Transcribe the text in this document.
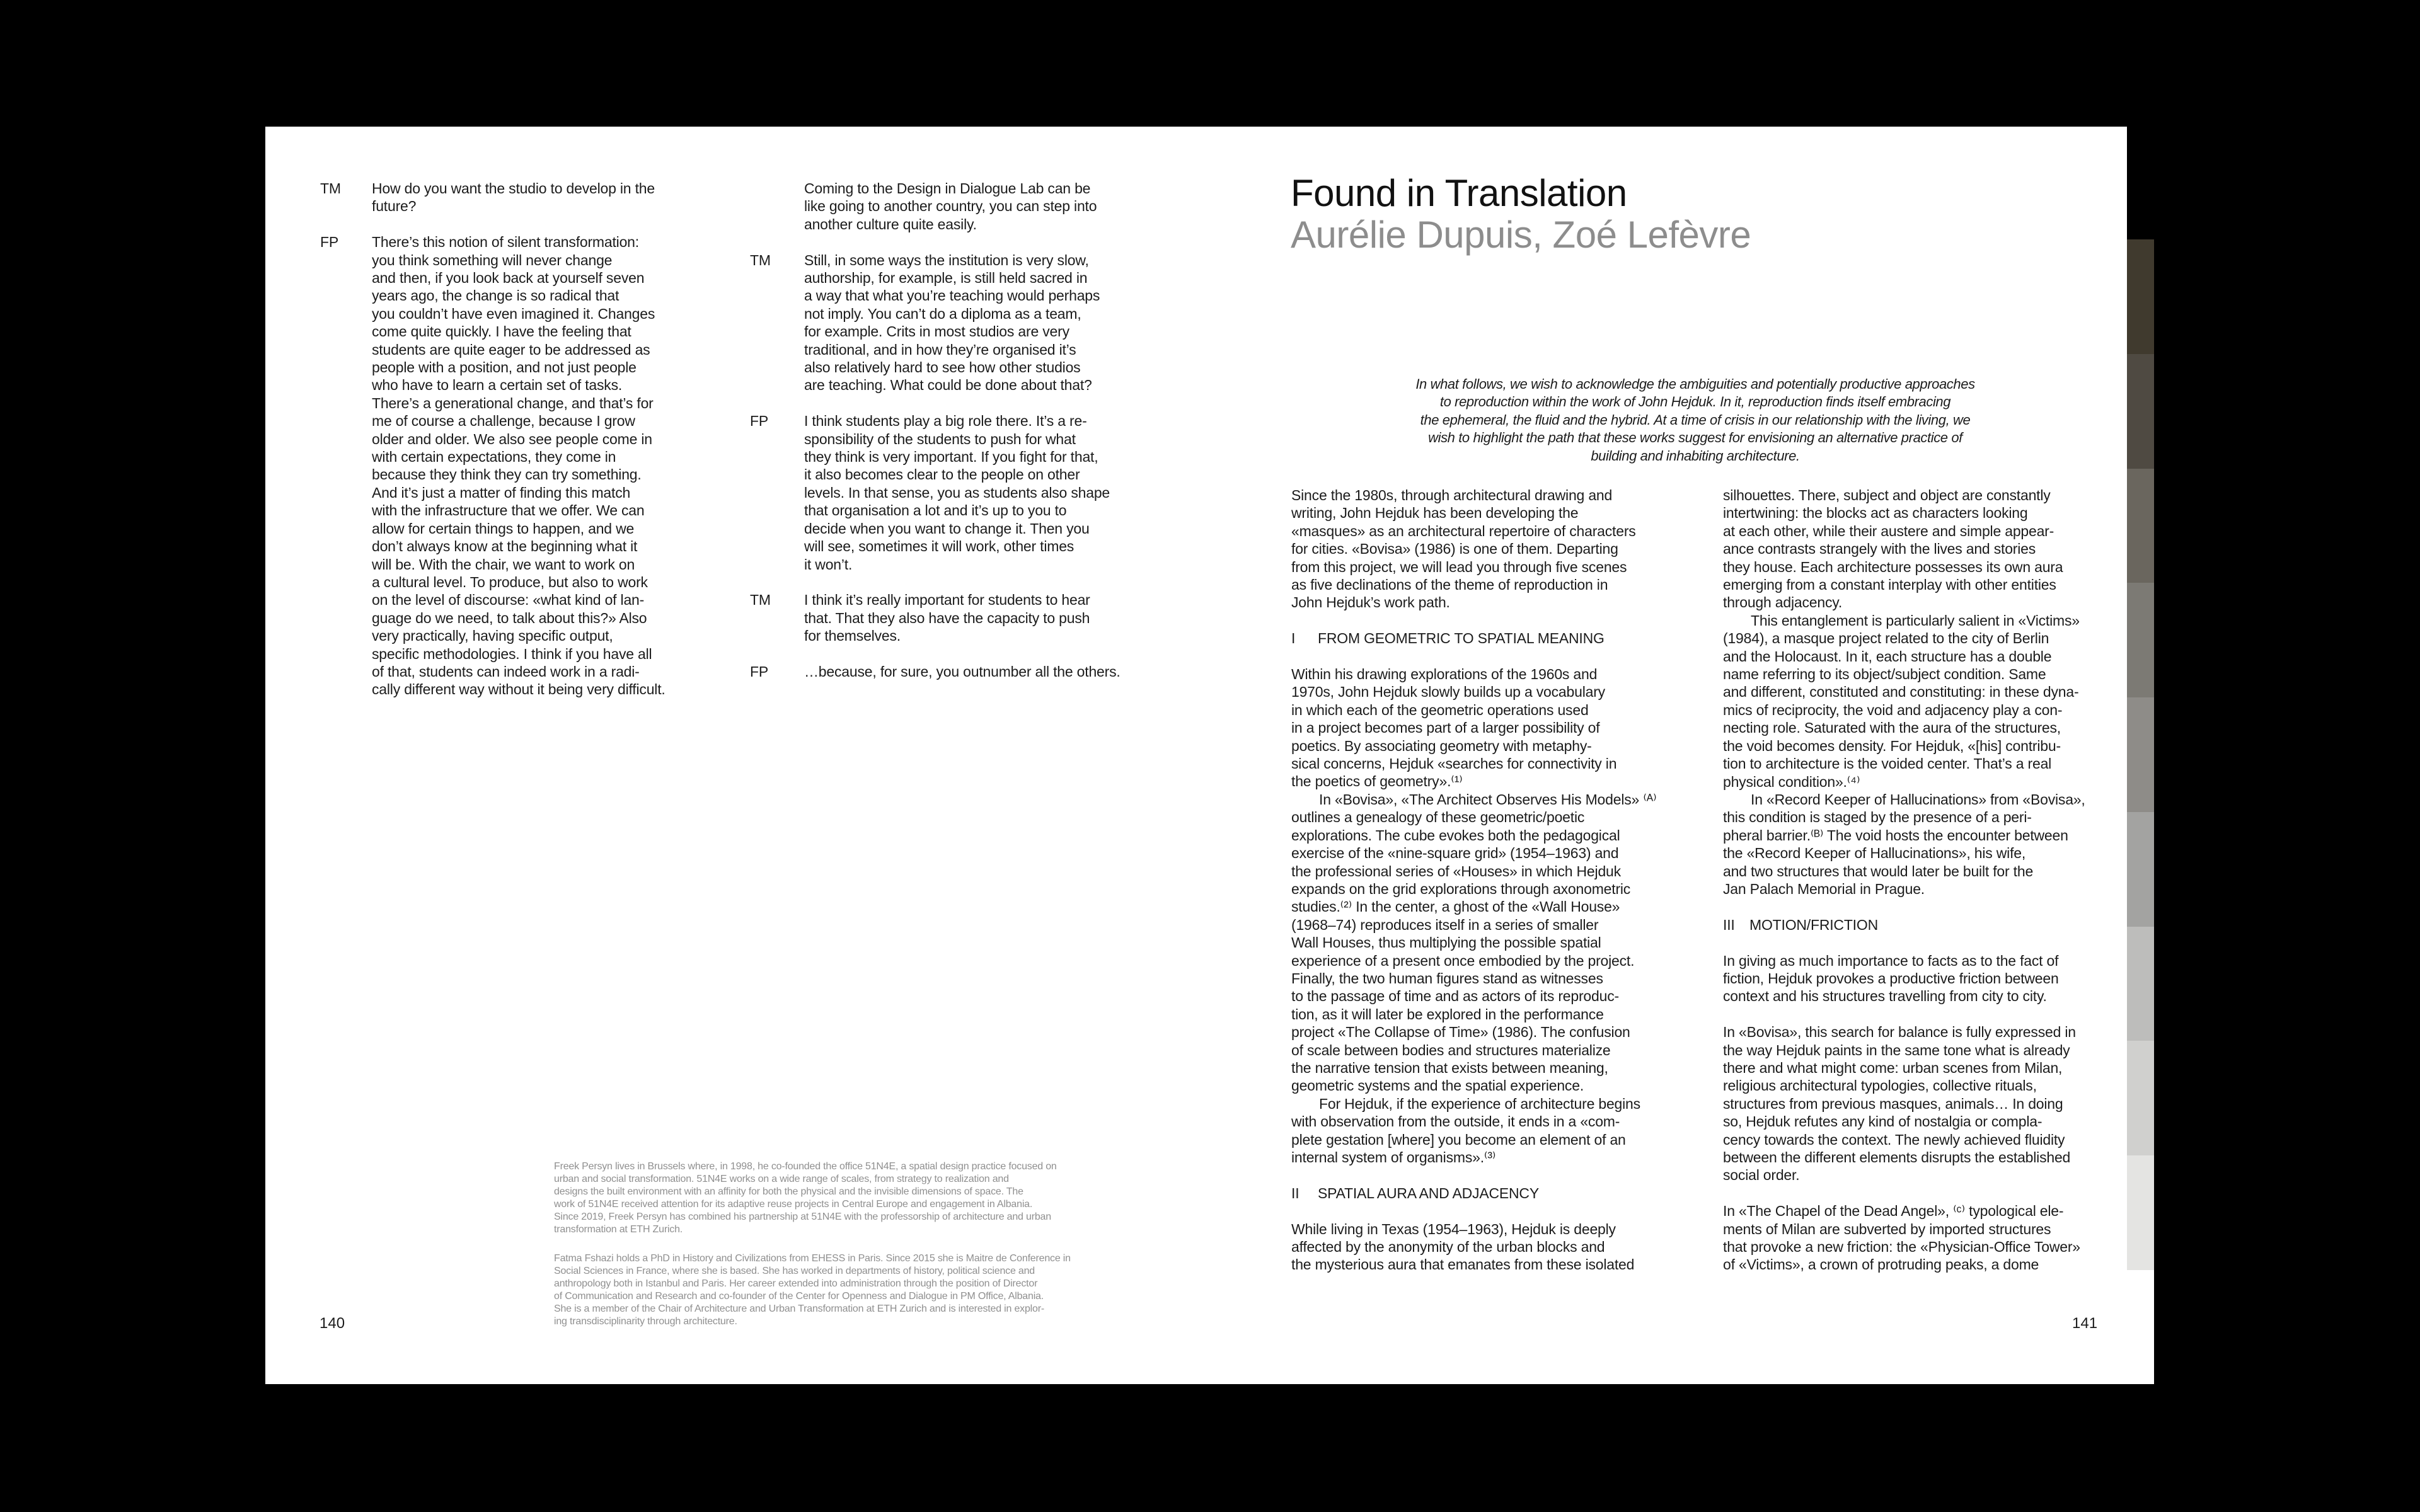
TM How do you want the studio to develop in the
future?
FP There’s this notion of silent transformation:
you think something will never change
and then, if you look back at yourself seven
years ago, the change is so radical that
you couldn’t have even imagined it. Changes
come quite quickly. I have the feeling that
students are quite eager to be addressed as
people with a position, and not just people
who have to learn a certain set of tasks.
There’s a generational change, and that’s for
me of course a challenge, because I grow
older and older. We also see people come in
with certain expectations, they come in
because they think they can try something.
And it’s just a matter of finding this match
with the infrastructure that we offer. We can
allow for certain things to happen, and we
don’t always know at the beginning what it
will be. With the chair, we want to work on
a cultural level. To produce, but also to work
on the level of discourse: «what kind of lan-
guage do we need, to talk about this?» Also
very practically, having specific output,
specific methodologies. I think if you have all
of that, students can indeed work in a radi-
cally different way without it being very difficult.
Coming to the Design in Dialogue Lab can be
like going to another country, you can step into
another culture quite easily.
TM Still, in some ways the institution is very slow,
authorship, for example, is still held sacred in
a way that what you’re teaching would perhaps
not imply. You can’t do a diploma as a team,
for example. Crits in most studios are very
traditional, and in how they’re organised it’s
also relatively hard to see how other studios
are teaching. What could be done about that?
FP I think students play a big role there. It’s a re-
sponsibility of the students to push for what
they think is very important. If you fight for that,
it also becomes clear to the people on other
levels. In that sense, you as students also shape
that organisation a lot and it’s up to you to
decide when you want to change it. Then you
will see, sometimes it will work, other times
it won’t.
TM I think it’s really important for students to hear
that. That they also have the capacity to push
for themselves.
FP …because, for sure, you outnumber all the others.
Freek Persyn lives in Brussels where, in 1998, he co-founded the office 51N4E, a spatial design practice focused on
urban and social transformation. 51N4E works on a wide range of scales, from strategy to realization and
designs the built environment with an affinity for both the physical and the invisible dimensions of space. The
work of 51N4E received attention for its adaptive reuse projects in Central Europe and engagement in Albania.
Since 2019, Freek Persyn has combined his partnership at 51N4E with the professorship of architecture and urban
transformation at ETH Zurich.
Fatma Fshazi holds a PhD in History and Civilizations from EHESS in Paris. Since 2015 she is Maitre de Conference in
Social Sciences in France, where she is based. She has worked in departments of history, political science and
anthropology both in Istanbul and Paris. Her career extended into administration through the position of Director
of Communication and Research and co-founder of the Center for Openness and Dialogue in PM Office, Albania.
She is a member of the Chair of Architecture and Urban Transformation at ETH Zurich and is interested in explor-
ing transdisciplinarity through architecture.
140
Found in Translation
Aurélie Dupuis, Zoé Lefèvre
In what follows, we wish to acknowledge the ambiguities and potentially productive approaches
to reproduction within the work of John Hejduk. In it, reproduction finds itself embracing
the ephemeral, the fluid and the hybrid. At a time of crisis in our relationship with the living, we
wish to highlight the path that these works suggest for envisioning an alternative practice of
building and inhabiting architecture.

Since the 1980s, through architectural drawing and
writing, John Hejduk has been developing the
«masques» as an architectural repertoire of characters
for cities. «Bovisa» (1986) is one of them. Departing
from this project, we will lead you through five scenes
as five declinations of the theme of reproduction in
John Hejduk’s work path.

I FROM GEOMETRIC TO SPATIAL MEANING

Within his drawing explorations of the 1960s and
1970s, John Hejduk slowly builds up a vocabulary
in which each of the geometric operations used
in a project becomes part of a larger possibility of
poetics. By associating geometry with metaphy-
sical concerns, Hejduk «searches for connectivity in
the poetics of geometry».⁽¹⁾

In «Bovisa», «The Architect Observes His Models» ⁽ᴬ⁾
outlines a genealogy of these geometric/poetic
explorations. The cube evokes both the pedagogical
exercise of the «nine-square grid» (1954–1963) and
the professional series of «Houses» in which Hejduk
expands on the grid explorations through axonometric
studies.⁽²⁾ In the center, a ghost of the «Wall House»
(1968–74) reproduces itself in a series of smaller
Wall Houses, thus multiplying the possible spatial
experience of a present once embodied by the project.
Finally, the two human figures stand as witnesses
to the passage of time and as actors of its reproduc-
tion, as it will later be explored in the performance
project «The Collapse of Time» (1986). The confusion
of scale between bodies and structures materialize
the narrative tension that exists between meaning,
geometric systems and the spatial experience.

For Hejduk, if the experience of architecture begins
with observation from the outside, it ends in a «com-
plete gestation [where] you become an element of an
internal system of organisms».⁽³⁾

II SPATIAL AURA AND ADJACENCY

While living in Texas (1954–1963), Hejduk is deeply
affected by the anonymity of the urban blocks and
the mysterious aura that emanates from these isolated

silhouettes. There, subject and object are constantly
intertwining: the blocks act as characters looking
at each other, while their austere and simple appear-
ance contrasts strangely with the lives and stories
they house. Each architecture possesses its own aura
emerging from a constant interplay with other entities
through adjacency.

This entanglement is particularly salient in «Victims»
(1984), a masque project related to the city of Berlin
and the Holocaust. In it, each structure has a double
name referring to its object/subject condition. Same
and different, constituted and constituting: in these dyna-
mics of reciprocity, the void and adjacency play a con-
necting role. Saturated with the aura of the structures,
the void becomes density. For Hejduk, «[his] contribu-
tion to architecture is the voided center. That’s a real
physical condition».⁽⁴⁾

In «Record Keeper of Hallucinations» from «Bovisa»,
this condition is staged by the presence of a peri-
pheral barrier.⁽ᴮ⁾ The void hosts the encounter between
the «Record Keeper of Hallucinations», his wife,
and two structures that would later be built for the
Jan Palach Memorial in Prague.

III MOTION/FRICTION

In giving as much importance to facts as to the fact of
fiction, Hejduk provokes a productive friction between
context and his structures travelling from city to city.

In «Bovisa», this search for balance is fully expressed in
the way Hejduk paints in the same tone what is already
there and what might come: urban scenes from Milan,
religious architectural typologies, collective rituals,
structures from previous masques, animals… In doing
so, Hejduk refutes any kind of nostalgia or compla-
cency towards the context. The newly achieved fluidity
between the different elements disrupts the established
social order.

In «The Chapel of the Dead Angel», ⁽ᶜ⁾ typological ele-
ments of Milan are subverted by imported structures
that provoke a new friction: the «Physician-Office Tower»
of «Victims», a crown of protruding peaks, a dome

141
